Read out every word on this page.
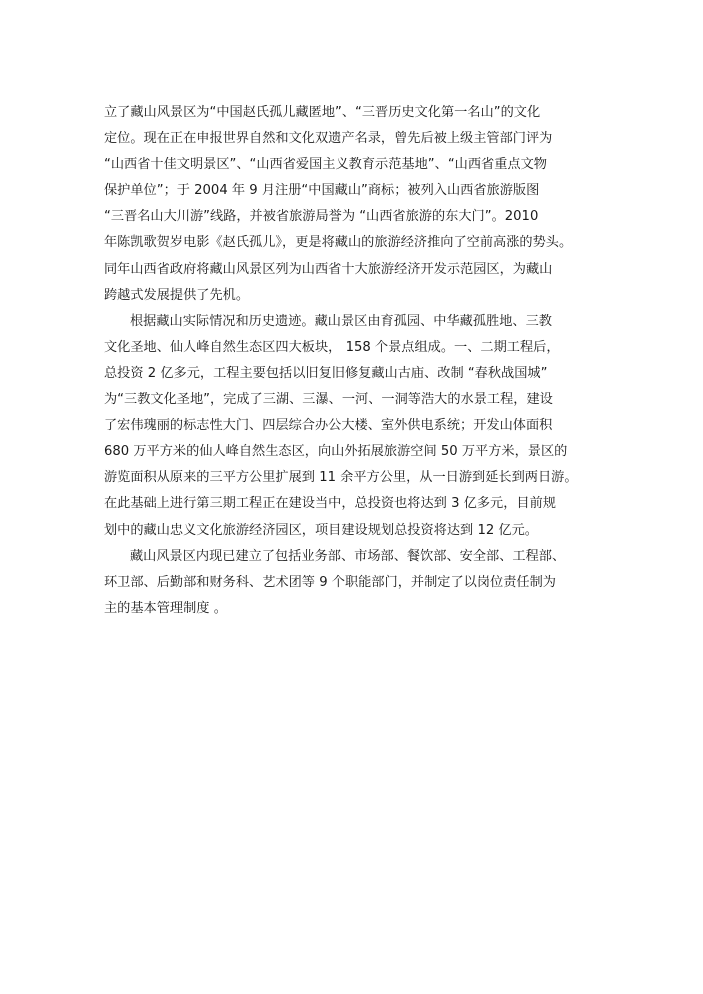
立了藏山风景区为“中国赵氏孤儿藏匿地”、“三晋历史文化第一名山”的文化
定位。现在正在申报世界自然和文化双遗产名录，曾先后被上级主管部门评为
“山西省十佳文明景区”、“山西省爱国主义教育示范基地”、“山西省重点文物
保护单位”；于 2004 年 9 月注册“中国藏山”商标；被列入山西省旅游版图
“三晋名山大川游”线路，并被省旅游局誉为 “山西省旅游的东大门”。2010
年陈凯歌贺岁电影《赵氏孤儿》，更是将藏山的旅游经济推向了空前高涨的势头。
同年山西省政府将藏山风景区列为山西省十大旅游经济开发示范园区，为藏山
跨越式发展提供了先机。
根据藏山实际情况和历史遗迹。藏山景区由育孤园、中华藏孤胜地、三教
文化圣地、仙人峰自然生态区四大板块， 158 个景点组成。一、二期工程后，
总投资 2 亿多元，工程主要包括以旧复旧修复藏山古庙、改制 “春秋战国城”
为“三教文化圣地”，完成了三湖、三瀑、一河、一洞等浩大的水景工程，建设
了宏伟瑰丽的标志性大门、四层综合办公大楼、室外供电系统；开发山体面积
680 万平方米的仙人峰自然生态区，向山外拓展旅游空间 50 万平方米，景区的
游览面积从原来的三平方公里扩展到 11 余平方公里，从一日游到延长到两日游。
在此基础上进行第三期工程正在建设当中，总投资也将达到 3 亿多元，目前规
划中的藏山忠义文化旅游经济园区，项目建设规划总投资将达到 12 亿元。
藏山风景区内现已建立了包括业务部、市场部、餐饮部、安全部、工程部、
环卫部、后勤部和财务科、艺术团等 9 个职能部门，并制定了以岗位责任制为
主的基本管理制度 。
